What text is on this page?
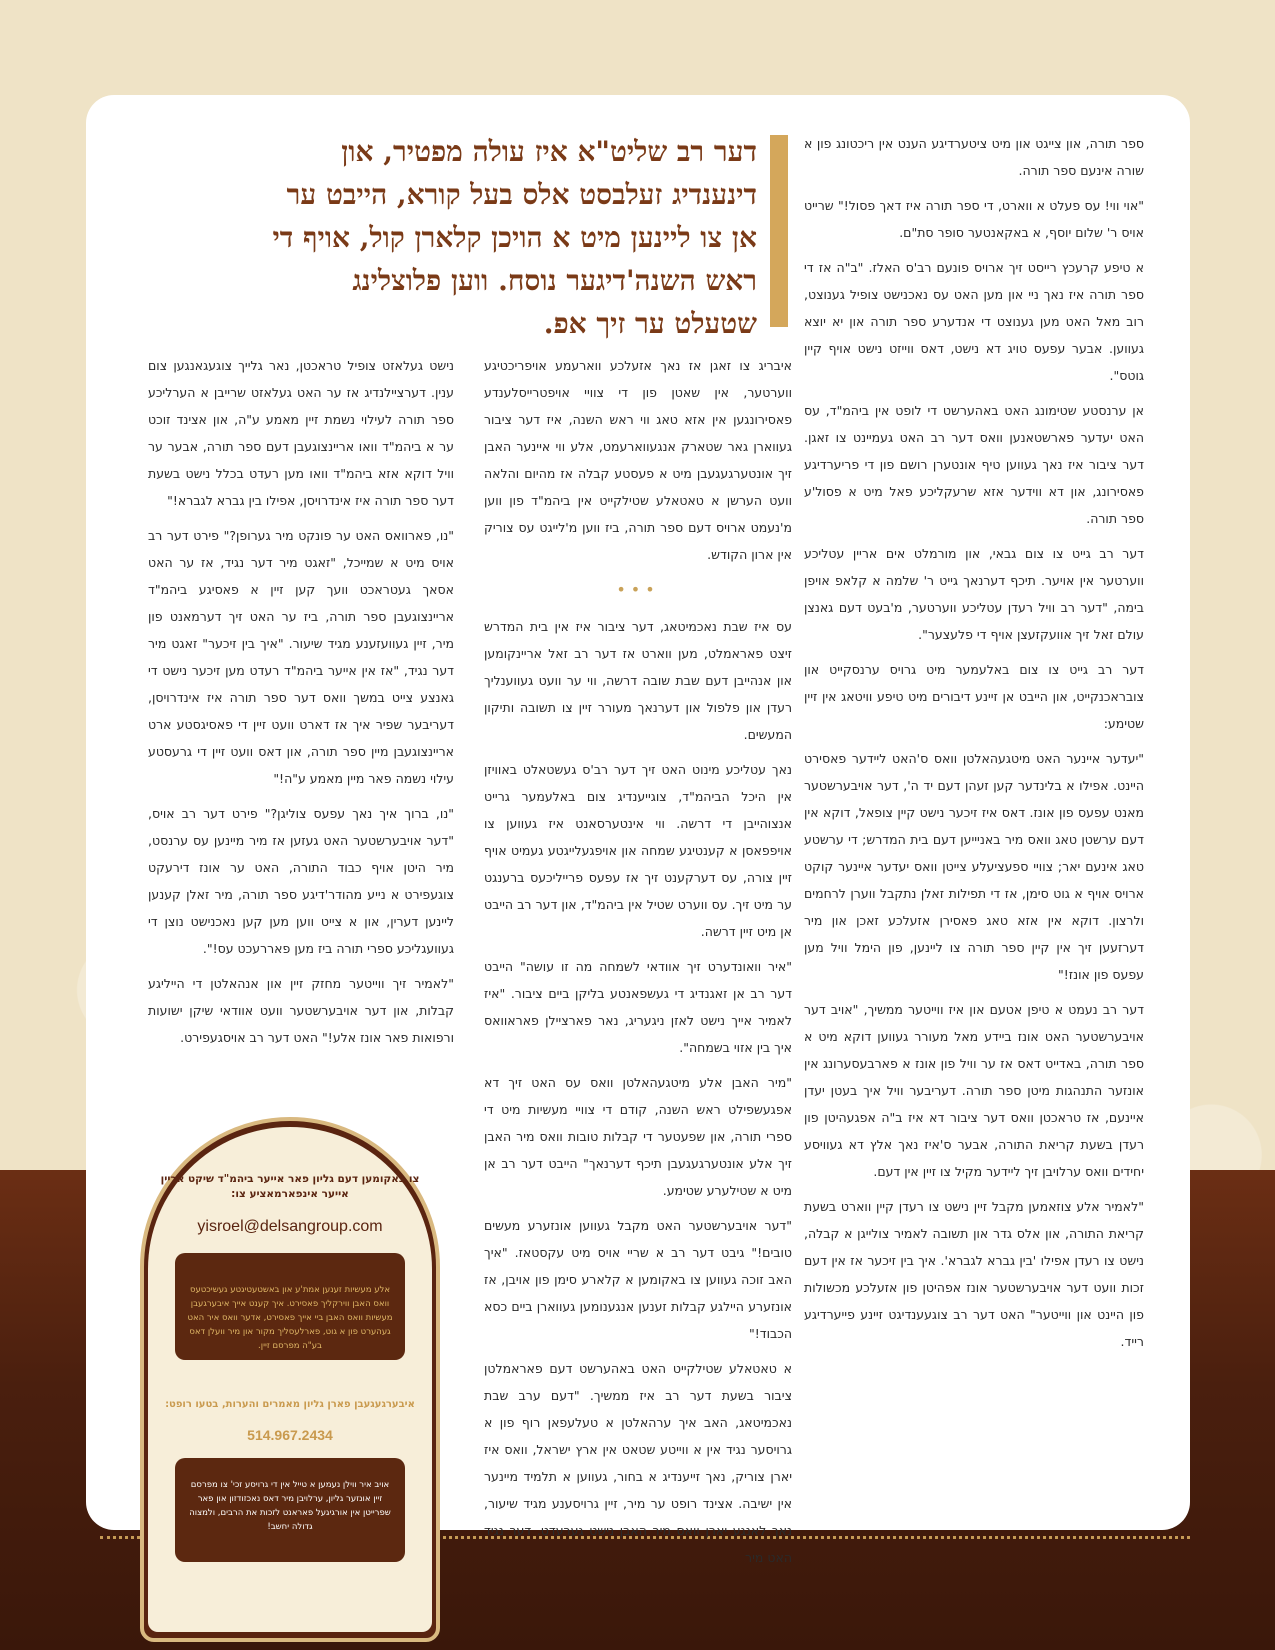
דער רב שליט"א איז עולה מפטיר, און דינענדיג זעלבסט אלס בעל קורא, הייבט ער אן צו ליינען מיט א הויכן קלארן קול, אויף די ראש השנה'דיגער נוסח. ווען פלוצלינג שטעלט ער זיך אפ.

ספר תורה, און צייגט און מיט ציטערדיגע הענט אין ריכטונג פון א שורה אינעם ספר תורה.

"אוי ווי! עס פעלט א ווארט, די ספר תורה איז דאך פסול!" שרייט אויס ר' שלום יוסף, א באקאנטער סופר סת"ם.

א טיפע קרעכץ רייסט זיך ארויס פונעם רב'ס האלז. "ב"ה אז די ספר תורה איז נאך ניי און מען האט עס נאכנישט צופיל גענוצט, רוב מאל האט מען גענוצט די אנדערע ספר תורה און יא יוצא געווען. אבער עפעס טויג דא נישט, דאס ווייזט נישט אויף קיין גוטס".

אן ערנסטע שטימונג האט באהערשט די לופט אין ביהמ"ד, עס האט יעדער פארשטאנען וואס דער רב האט געמיינט צו זאגן. דער ציבור איז נאך געווען טיף אונטערן רושם פון די פריערדיגע פאסירונג, און דא ווידער אזא שרעקליכע פאל מיט א פסול'ע ספר תורה.

דער רב גייט צו צום גבאי, און מורמלט אים אריין עטליכע ווערטער אין אויער. תיכף דערנאך גייט ר' שלמה א קלאפ אויפן בימה, "דער רב וויל רעדן עטליכע ווערטער, מ'בעט דעם גאנצן עולם זאל זיך אוועקזעצן אויף די פלעצער".

דער רב גייט צו צום באלעמער מיט גרויס ערנסקייט און צובראכנקייט, און הייבט אן זיינע דיבורים מיט טיפע וויטאג אין זיין שטימע:

"יעדער איינער האט מיטגעהאלטן וואס ס'האט ליידער פאסירט היינט. אפילו א בלינדער קען זעהן דעם יד ה', דער אויבערשטער מאנט עפעס פון אונז. דאס איז זיכער נישט קיין צופאל, דוקא אין דעם ערשטן טאג וואס מיר באניייען דעם בית המדרש; די ערשטע טאג אינעם יאר; צוויי ספעציעלע צייטן וואס יעדער איינער קוקט ארויס אויף א גוט סימן, אז די תפילות זאלן נתקבל ווערן לרחמים ולרצון. דוקא אין אזא טאג פאסירן אזעלכע זאכן און מיר דערזעען זיך אין קיין ספר תורה צו ליינען, פון הימל וויל מען עפעס פון אונז!"

דער רב נעמט א טיפן אטעם און איז ווייטער ממשיך, "אויב דער אויבערשטער האט אונז ביידע מאל מעורר געווען דוקא מיט א ספר תורה, באדייט דאס אז ער וויל פון אונז א פארבעסערונג אין אונזער התנהגות מיטן ספר תורה. דעריבער וויל איך בעטן יעדן איינעם, אז טראכטן וואס דער ציבור דא איז ב"ה אפגעהיטן פון רעדן בשעת קריאת התורה, אבער ס'איז נאך אלץ דא געוויסע יחידים וואס ערלויבן זיך ליידער מקיל צו זיין אין דעם.

"לאמיר אלע צוזאמען מקבל זיין נישט צו רעדן קיין ווארט בשעת קריאת התורה, און אלס גדר און תשובה לאמיר צולייגן א קבלה, נישט צו רעדן אפילו 'בין גברא לגברא'. איך בין זיכער אז אין דעם זכות וועט דער אויבערשטער אונז אפהיטן פון אזעלכע מכשולות פון היינט און ווייטער" האט דער רב צוגעענדיגט זיינע פייערדיגע רייד.

איבריג צו זאגן אז נאך אזעלכע ווארעמע אויפריכטיגע ווערטער, אין שאטן פון די צוויי אויפטרייסלענדע פאסירונגען אין אזא טאג ווי ראש השנה, איז דער ציבור געווארן גאר שטארק אנגעווארעמט, אלע ווי איינער האבן זיך אונטערגעגעבן מיט א פעסטע קבלה אז מהיום והלאה וועט הערשן א טאטאלע שטילקייט אין ביהמ"ד פון ווען מ'נעמט ארויס דעם ספר תורה, ביז ווען מ'לייגט עס צוריק אין ארון הקודש.

•••

עס איז שבת נאכמיטאג, דער ציבור איז אין בית המדרש זיצט פאראמלט, מען ווארט אז דער רב זאל אריינקומען און אנהייבן דעם שבת שובה דרשה, ווי ער וועט געווענליך רעדן און פלפול און דערנאך מעורר זיין צו תשובה ותיקון המעשים.

נאך עטליכע מינוט האט זיך דער רב'ס געשטאלט באוויזן אין היכל הביהמ"ד, צוגייענדיג צום באלעמער גרייט אנצוהייבן די דרשה. ווי אינטערסאנט איז געווען צו אויפפאסן א קענטיגע שמחה און אויפגעלייגטע געמיט אויף זיין צורה, עס דערקענט זיך אז עפעס פרייליכעס ברענגט ער מיט זיך. עס ווערט שטיל אין ביהמ"ד, און דער רב הייבט אן מיט זיין דרשה.

"איר וואונדערט זיך אוודאי לשמחה מה זו עושה" הייבט דער רב אן זאגנדיג די געשפאנטע בליקן ביים ציבור. "איז לאמיר אייך נישט לאזן ניגעריג, נאר פארציילן פאראוואס איך בין אזוי בשמחה".

"מיר האבן אלע מיטגעהאלטן וואס עס האט זיך דא אפגעשפילט ראש השנה, קודם די צוויי מעשיות מיט די ספרי תורה, און שפעטער די קבלות טובות וואס מיר האבן זיך אלע אונטערגעגעבן תיכף דערנאך" הייבט דער רב אן מיט א שטילערע שטימע.

"דער אויבערשטער האט מקבל געווען אונזערע מעשים טובים!" גיבט דער רב א שריי אויס מיט עקסטאז. "איך האב זוכה געווען צו באקומען א קלארע סימן פון אויבן, אז אונזערע היילגע קבלות זענען אנגענומען געווארן ביים כסא הכבוד!"

א טאטאלע שטילקייט האט באהערשט דעם פאראמלטן ציבור בשעת דער רב איז ממשיך. "דעם ערב שבת נאכמיטאג, האב איך ערהאלטן א טעלעפאן רוף פון א גרויסער נגיד אין א ווייטע שטאט אין ארץ ישראל, וואס איז יארן צוריק, נאך זייענדיג א בחור, געווען א תלמיד מיינער אין ישיבה. אצינד רופט ער מיר, זיין גרויסענע מגיד שיעור, נאך לאנגע יארן וואס מיר האבן נישט גערעדט. דער נגיד האט מיר

נישט געלאזט צופיל טראכטן, נאר גלייך צוגעגאנגען צום ענין. דערציילנדיג אז ער האט געלאזט שרייבן א הערליכע ספר תורה לעילוי נשמת זיין מאמע ע"ה, און אצינד זוכט ער א ביהמ"ד וואו אריינצוגעבן דעם ספר תורה, אבער ער וויל דוקא אזא ביהמ"ד וואו מען רעדט בכלל נישט בשעת דער ספר תורה איז אינדרויסן, אפילו בין גברא לגברא!"

"נו, פארוואס האט ער פונקט מיר גערופן?" פירט דער רב אויס מיט א שמייכל, "זאגט מיר דער נגיד, אז ער האט אסאך געטראכט וועך קען זיין א פאסיגע ביהמ"ד אריינצוגעבן ספר תורה, ביז ער האט זיך דערמאנט פון מיר, זיין געוועזענע מגיד שיעור. "איך בין זיכער" זאגט מיר דער נגיד, "אז אין אייער ביהמ"ד רעדט מען זיכער נישט די גאנצע צייט במשך וואס דער ספר תורה איז אינדרויסן, דעריבער שפיר איך אז דארט וועט זיין די פאסיגסטע ארט אריינצוגעבן מיין ספר תורה, און דאס וועט זיין די גרעסטע עילוי נשמה פאר מיין מאמע ע"ה!"

"נו, ברוך איך נאך עפעס צוליגן?" פירט דער רב אויס, "דער אויבערשטער האט געזען אז מיר מיינען עס ערנסט, מיר היטן אויף כבוד התורה, האט ער אונז דירעקט צוגעפירט א נייע מהודר'דיגע ספר תורה, מיר זאלן קענען ליינען דערין, און א צייט ווען מען קען נאכנישט נוצן די געוועגליכע ספרי תורה ביז מען פאררעכט עס!".

"לאמיר זיך ווייטער מחזק זיין און אנהאלטן די הייליגע קבלות, און דער אויבערשטער וועט אוודאי שיקן ישועות ורפואות פאר אונז אלע!" האט דער רב אויסגעפירט.

צו באקומען דעם גליון פאר אייער ביהמ"ד שיקט אריין אייער אינפארמאציע צו:
yisroel@delsangroup.com
אלע מעשיות זענען אמת'ע און באשטעטיגטע געשיכטעס וואס האבן ווירקליך פאסירט. איך קענט אייך איבערגעבן מעשיות וואס האבן ביי אייך פאסירט, אדער וואס איר האט געהערט פון א גוט, פארלעסליך מקור און מיר וועלן דאס בע"ה מפרסם זיין.
איבערגעגעבן פארן גליון מאמרים והערות, בטעו רופט:
514.967.2434
אויב איר ווילן נעמען א טייל אין די גרויסע זכי' צו מפרסם זיין אונזער גליון, ערלויבן מיר דאס נאכזודזון און פאר שפרייטן אין אורגיגעל פאראנט לזכות את הרבים, ולמצוה גדולה יחשב!
